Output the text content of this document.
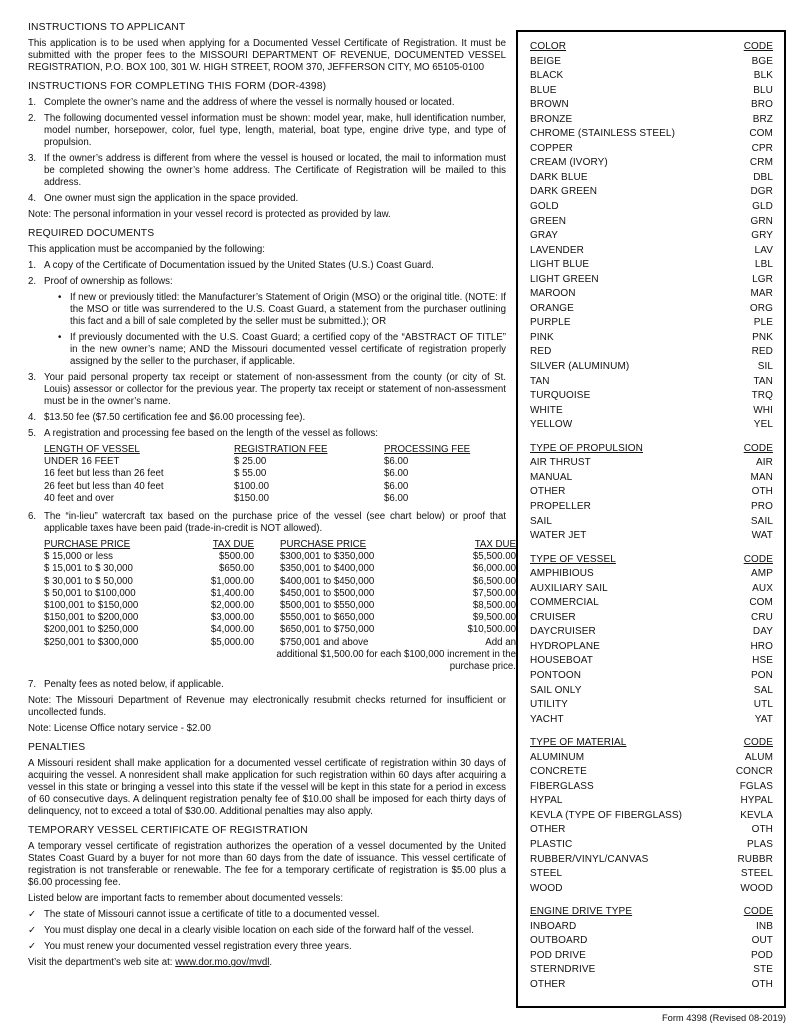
INSTRUCTIONS TO APPLICANT
This application is to be used when applying for a Documented Vessel Certificate of Registration. It must be submitted with the proper fees to the MISSOURI DEPARTMENT OF REVENUE, DOCUMENTED VESSEL REGISTRATION, P.O. BOX 100, 301 W. HIGH STREET, ROOM 370, JEFFERSON CITY, MO 65105-0100
INSTRUCTIONS FOR COMPLETING THIS FORM (DOR-4398)
1. Complete the owner’s name and the address of where the vessel is normally housed or located.
2. The following documented vessel information must be shown: model year, make, hull identification number, model number, horsepower, color, fuel type, length, material, boat type, engine drive type, and type of propulsion.
3. If the owner’s address is different from where the vessel is housed or located, the mail to information must be completed showing the owner’s home address. The Certificate of Registration will be mailed to this address.
4. One owner must sign the application in the space provided.
Note: The personal information in your vessel record is protected as provided by law.
REQUIRED DOCUMENTS
This application must be accompanied by the following:
1. A copy of the Certificate of Documentation issued by the United States (U.S.) Coast Guard.
2. Proof of ownership as follows:
• If new or previously titled: the Manufacturer’s Statement of Origin (MSO) or the original title. (NOTE: If the MSO or title was surrendered to the U.S. Coast Guard, a statement from the purchaser outlining this fact and a bill of sale completed by the seller must be submitted.); OR
• If previously documented with the U.S. Coast Guard; a certified copy of the “ABSTRACT OF TITLE” in the new owner’s name; AND the Missouri documented vessel certificate of registration properly assigned by the seller to the purchaser, if applicable.
3. Your paid personal property tax receipt or statement of non-assessment from the county (or city of St. Louis) assessor or collector for the previous year. The property tax receipt or statement of non-assessment must be in the owner’s name.
4. $13.50 fee ($7.50 certification fee and $6.00 processing fee).
5. A registration and processing fee based on the length of the vessel as follows:
LENGTH OF VESSEL	REGISTRATION FEE	PROCESSING FEE
UNDER 16 FEET	$ 25.00	$6.00
16 feet but less than 26 feet	$ 55.00	$6.00
26 feet but less than 40 feet	$100.00	$6.00
40 feet and over	$150.00	$6.00
6. The “in-lieu” watercraft tax based on the purchase price of the vessel (see chart below) or proof that applicable taxes have been paid (trade-in-credit is NOT allowed).
PURCHASE PRICE	TAX DUE	PURCHASE PRICE	TAX DUE
$ 15,000 or less	$500.00	$300,001 to $350,000	$5,500.00
$ 15,001 to $ 30,000	$650.00	$350,001 to $400,000	$6,000.00
$ 30,001 to $ 50,000	$1,000.00	$400,001 to $450,000	$6,500.00
$ 50,001 to $100,000	$1,400.00	$450,001 to $500,000	$7,500.00
$100,001 to $150,000	$2,000.00	$500,001 to $550,000	$8,500.00
$150,001 to $200,000	$3,000.00	$550,001 to $650,000	$9,500.00
$200,001 to $250,000	$4,000.00	$650,001 to $750,000	$10,500.00
$250,001 to $300,000	$5,000.00	$750,001 and above	Add an
		additional $1,500.00 for each $100,000 increment in the purchase price.	
7. Penalty fees as noted below, if applicable.
Note: The Missouri Department of Revenue may electronically resubmit checks returned for insufficient or uncollected funds.
Note: License Office notary service - $2.00
PENALTIES
A Missouri resident shall make application for a documented vessel certificate of registration within 30 days of acquiring the vessel. A nonresident shall make application for such registration within 60 days after acquiring a vessel in this state or bringing a vessel into this state if the vessel will be kept in this state for a period in excess of 60 consecutive days. A delinquent registration penalty fee of $10.00 shall be imposed for each thirty days of delinquency, not to exceed a total of $30.00. Additional penalties may also apply.
TEMPORARY VESSEL CERTIFICATE OF REGISTRATION
A temporary vessel certificate of registration authorizes the operation of a vessel documented by the United States Coast Guard by a buyer for not more than 60 days from the date of issuance. This vessel certificate of registration is not transferable or renewable. The fee for a temporary certificate of registration is $5.00 plus a $6.00 processing fee.
Listed below are important facts to remember about documented vessels:
✓ The state of Missouri cannot issue a certificate of title to a documented vessel.
✓ You must display one decal in a clearly visible location on each side of the forward half of the vessel.
✓ You must renew your documented vessel registration every three years.
Visit the department’s web site at: www.dor.mo.gov/mvdl.
COLOR	CODE
BEIGE	BGE
BLACK	BLK
BLUE	BLU
BROWN	BRO
BRONZE	BRZ
CHROME (STAINLESS STEEL)	COM
COPPER	CPR
CREAM (IVORY)	CRM
DARK BLUE	DBL
DARK GREEN	DGR
GOLD	GLD
GREEN	GRN
GRAY	GRY
LAVENDER	LAV
LIGHT BLUE	LBL
LIGHT GREEN	LGR
MAROON	MAR
ORANGE	ORG
PURPLE	PLE
PINK	PNK
RED	RED
SILVER (ALUMINUM)	SIL
TAN	TAN
TURQUOISE	TRQ
WHITE	WHI
YELLOW	YEL
TYPE OF PROPULSION	CODE
AIR THRUST	AIR
MANUAL	MAN
OTHER	OTH
PROPELLER	PRO
SAIL	SAIL
WATER JET	WAT
TYPE OF VESSEL	CODE
AMPHIBIOUS	AMP
AUXILIARY SAIL	AUX
COMMERCIAL	COM
CRUISER	CRU
DAYCRUISER	DAY
HYDROPLANE	HRO
HOUSEBOAT	HSE
PONTOON	PON
SAIL ONLY	SAL
UTILITY	UTL
YACHT	YAT
TYPE OF MATERIAL	CODE
ALUMINUM	ALUM
CONCRETE	CONCR
FIBERGLASS	FGLAS
HYPAL	HYPAL
KEVLA (TYPE OF FIBERGLASS)	KEVLA
OTHER	OTH
PLASTIC	PLAS
RUBBER/VINYL/CANVAS	RUBBR
STEEL	STEEL
WOOD	WOOD
ENGINE DRIVE TYPE	CODE
INBOARD	INB
OUTBOARD	OUT
POD DRIVE	POD
STERNDRIVE	STE
OTHER	OTH
Form 4398 (Revised 08-2019)
